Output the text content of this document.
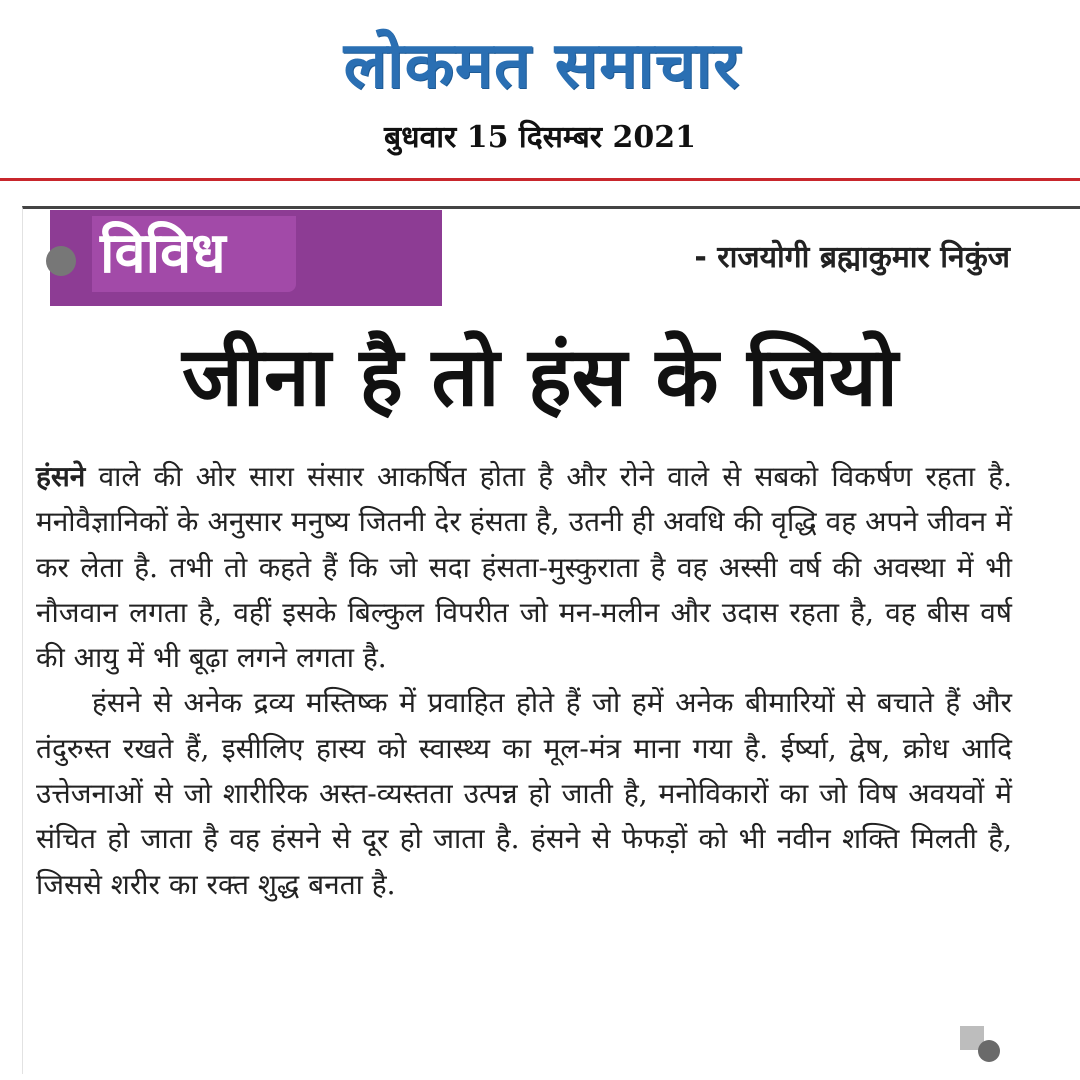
लोकमत समाचार
बुधवार 15 दिसम्बर 2021
विविध	- राजयोगी ब्रह्माकुमार निकुंज
जीना है तो हंस के जियो

हंसने वाले की ओर सारा संसार आकर्षित होता है और रोने वाले से सबको विकर्षण रहता है. मनोवैज्ञानिकों के अनुसार मनुष्य जितनी देर हंसता है, उतनी ही अवधि की वृद्धि वह अपने जीवन में कर लेता है. तभी तो कहते हैं कि जो सदा हंसता-मुस्कुराता है वह अस्सी वर्ष की अवस्था में भी नौजवान लगता है, वहीं इसके बिल्कुल विपरीत जो मन-मलीन और उदास रहता है, वह बीस वर्ष की आयु में भी बूढ़ा लगने लगता है.

हंसने से अनेक द्रव्य मस्तिष्क में प्रवाहित होते हैं जो हमें अनेक बीमारियों से बचाते हैं और तंदुरुस्त रखते हैं, इसीलिए हास्य को स्वास्थ्य का मूल-मंत्र माना गया है. ईर्ष्या, द्वेष, क्रोध आदि उत्तेजनाओं से जो शारीरिक अस्त-व्यस्तता उत्पन्न हो जाती है, मनोविकारों का जो विष अवयवों में संचित हो जाता है वह हंसने से दूर हो जाता है. हंसने से फेफड़ों को भी नवीन शक्ति मिलती है, जिससे शरीर का रक्त शुद्ध बनता है.
